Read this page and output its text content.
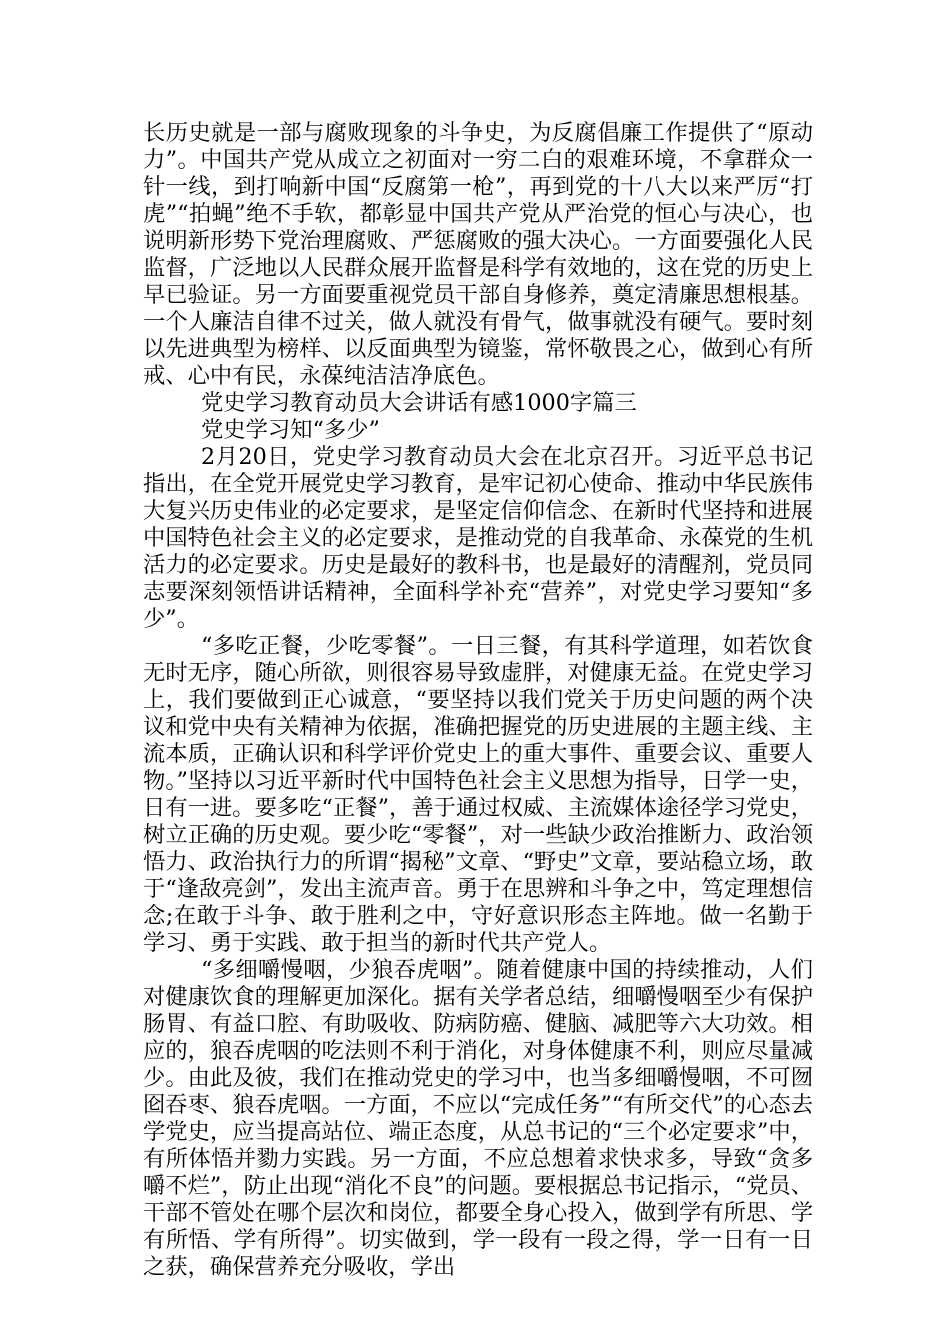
长历史就是一部与腐败现象的斗争史，为反腐倡廉工作提供了“原动力”。中国共产党从成立之初面对一穷二白的艰难环境，不拿群众一针一线，到打响新中国“反腐第一枪”，再到党的十八大以来严厉“打虎”“拍蝇”绝不手软，都彰显中国共产党从严治党的恒心与决心，也说明新形势下党治理腐败、严惩腐败的强大决心。一方面要强化人民监督，广泛地以人民群众展开监督是科学有效地的，这在党的历史上早已验证。另一方面要重视党员干部自身修养，奠定清廉思想根基。一个人廉洁自律不过关，做人就没有骨气，做事就没有硬气。要时刻以先进典型为榜样、以反面典型为镜鉴，常怀敬畏之心，做到心有所戒、心中有民，永葆纯洁洁净底色。

党史学习教育动员大会讲话有感1000字篇三

党史学习知“多少”

2月20日，党史学习教育动员大会在北京召开。习近平总书记指出，在全党开展党史学习教育，是牢记初心使命、推动中华民族伟大复兴历史伟业的必定要求，是坚定信仰信念、在新时代坚持和进展中国特色社会主义的必定要求，是推动党的自我革命、永葆党的生机活力的必定要求。历史是最好的教科书，也是最好的清醒剂，党员同志要深刻领悟讲话精神，全面科学补充“营养”，对党史学习要知“多少”。

“多吃正餐，少吃零餐”。一日三餐，有其科学道理，如若饮食无时无序，随心所欲，则很容易导致虚胖，对健康无益。在党史学习上，我们要做到正心诚意，“要坚持以我们党关于历史问题的两个决议和党中央有关精神为依据，准确把握党的历史进展的主题主线、主流本质，正确认识和科学评价党史上的重大事件、重要会议、重要人物。”坚持以习近平新时代中国特色社会主义思想为指导，日学一史，日有一进。要多吃“正餐”，善于通过权威、主流媒体途径学习党史，树立正确的历史观。要少吃“零餐”，对一些缺少政治推断力、政治领悟力、政治执行力的所谓“揭秘”文章、“野史”文章，要站稳立场，敢于“逢敌亮剑”，发出主流声音。勇于在思辨和斗争之中，笃定理想信念;在敢于斗争、敢于胜利之中，守好意识形态主阵地。做一名勤于学习、勇于实践、敢于担当的新时代共产党人。

“多细嚼慢咽，少狼吞虎咽”。随着健康中国的持续推动，人们对健康饮食的理解更加深化。据有关学者总结，细嚼慢咽至少有保护肠胃、有益口腔、有助吸收、防病防癌、健脑、减肥等六大功效。相应的，狼吞虎咽的吃法则不利于消化，对身体健康不利，则应尽量减少。由此及彼，我们在推动党史的学习中，也当多细嚼慢咽，不可囫囵吞枣、狼吞虎咽。一方面，不应以“完成任务”“有所交代”的心态去学党史，应当提高站位、端正态度，从总书记的“三个必定要求”中，有所体悟并勠力实践。另一方面，不应总想着求快求多，导致“贪多嚼不烂”，防止出现“消化不良”的问题。要根据总书记指示，“党员、干部不管处在哪个层次和岗位，都要全身心投入，做到学有所思、学有所悟、学有所得”。切实做到，学一段有一段之得，学一日有一日之获，确保营养充分吸收，学出
